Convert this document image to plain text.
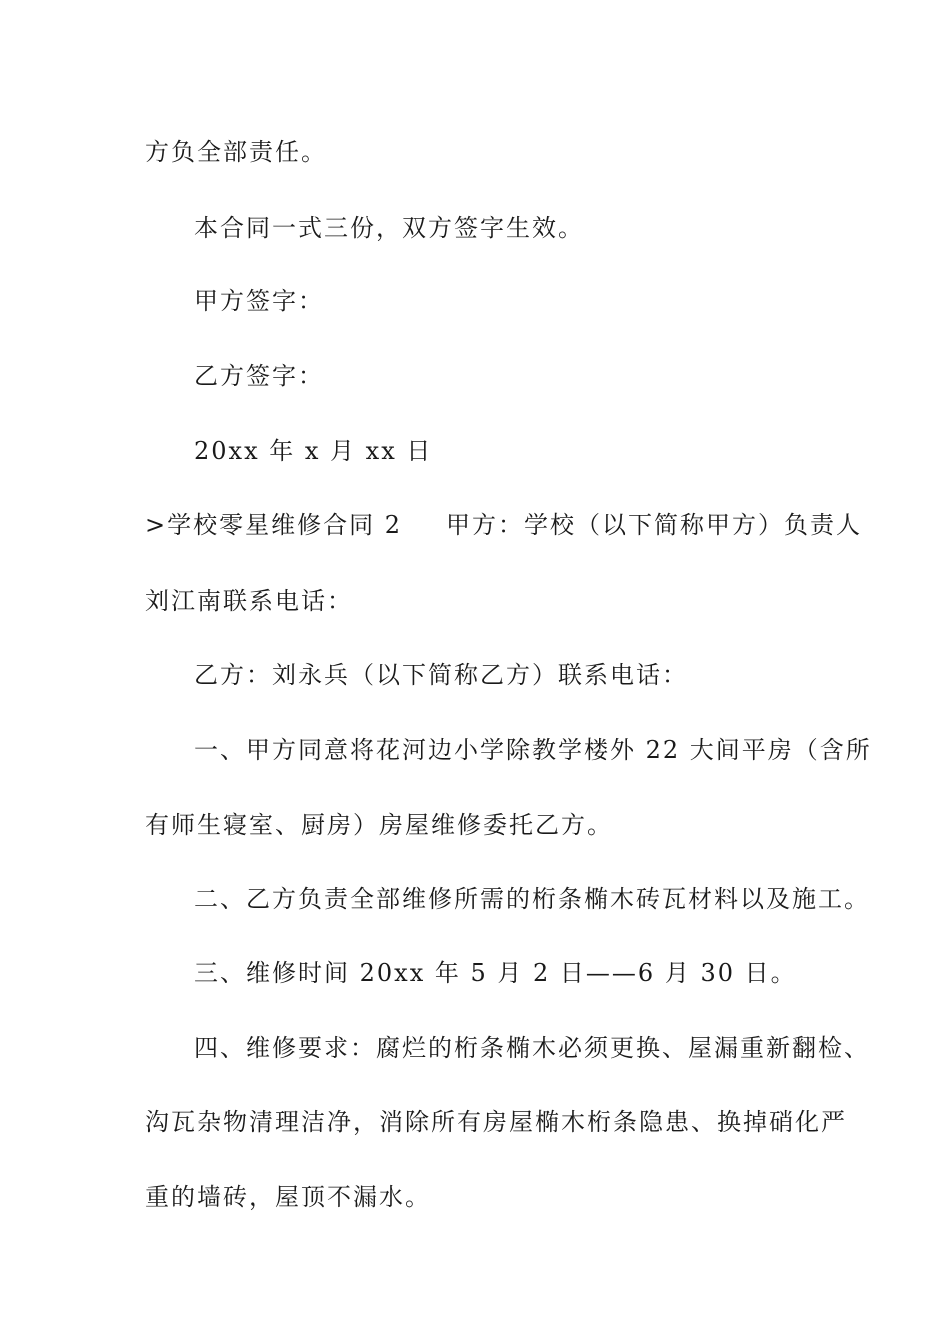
方负全部责任。
本合同一式三份，双方签字生效。
甲方签字：
乙方签字：
20xx 年 x 月 xx 日
>学校零星维修合同 2 甲方：学校（以下简称甲方）负责人
刘江南联系电话：
乙方：刘永兵（以下简称乙方）联系电话：
一、甲方同意将花河边小学除教学楼外 22 大间平房（含所
有师生寝室、厨房）房屋维修委托乙方。
二、乙方负责全部维修所需的桁条椭木砖瓦材料以及施工。
三、维修时间 20xx 年 5 月 2 日——6 月 30 日。
四、维修要求：腐烂的桁条椭木必须更换、屋漏重新翻检、
沟瓦杂物清理洁净，消除所有房屋椭木桁条隐患、换掉硝化严
重的墙砖，屋顶不漏水。
